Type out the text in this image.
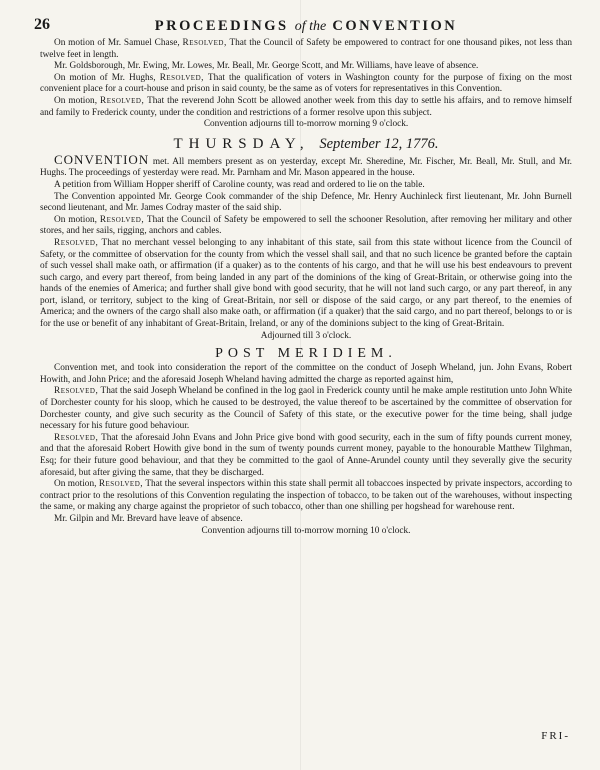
26	PROCEEDINGS of the CONVENTION

On motion of Mr. Samuel Chase, Resolved, That the Council of Safety be empowered to contract for one thousand pikes, not less than twelve feet in length.

Mr. Goldsborough, Mr. Ewing, Mr. Lowes, Mr. Beall, Mr. George Scott, and Mr. Williams, have leave of absence.

On motion of Mr. Hughs, Resolved, That the qualification of voters in Washington county for the purpose of fixing on the most convenient place for a court-house and prison in said county, be the same as of voters for representatives in this Convention.

On motion, Resolved, That the reverend John Scott be allowed another week from this day to settle his affairs, and to remove himself and family to Frederick county, under the condition and restrictions of a former resolve upon this subject.

Convention adjourns till to-morrow morning 9 o'clock.

THURSDAY, September 12, 1776.

CONVENTION met. All members present as on yesterday, except Mr. Sheredine, Mr. Fischer, Mr. Beall, Mr. Stull, and Mr. Hughs. The proceedings of yesterday were read. Mr. Parnham and Mr. Mason appeared in the house.

A petition from William Hopper sheriff of Caroline county, was read and ordered to lie on the table.

The Convention appointed Mr. George Cook commander of the ship Defence, Mr. Henry Auchinleck first lieutenant, Mr. John Burnell second lieutenant, and Mr. James Codray master of the said ship.

On motion, Resolved, That the Council of Safety be empowered to sell the schooner Resolution, after removing her military and other stores, and her sails, rigging, anchors and cables.

Resolved, That no merchant vessel belonging to any inhabitant of this state, sail from this state without licence from the Council of Safety, or the committee of observation for the county from which the vessel shall sail, and that no such licence be granted before the captain of such vessel shall make oath, or affirmation (if a quaker) as to the contents of his cargo, and that he will use his best endeavours to prevent such cargo, and every part thereof, from being landed in any part of the dominions of the king of Great-Britain, or otherwise going into the hands of the enemies of America; and further shall give bond with good security, that he will not land such cargo, or any part thereof, in any port, island, or territory, subject to the king of Great-Britain, nor sell or dispose of the said cargo, or any part thereof, to the enemies of America; and the owners of the cargo shall also make oath, or affirmation (if a quaker) that the said cargo, and no part thereof, belongs to or is for the use or benefit of any inhabitant of Great-Britain, Ireland, or any of the dominions subject to the king of Great-Britain.

Adjourned till 3 o'clock.

POST MERIDIEM.

Convention met, and took into consideration the report of the committee on the conduct of Joseph Wheland, jun. John Evans, Robert Howith, and John Price; and the aforesaid Joseph Wheland having admitted the charge as reported against him,

Resolved, That the said Joseph Wheland be confined in the log gaol in Frederick county until he make ample restitution unto John White of Dorchester county for his sloop, which he caused to be destroyed, the value thereof to be ascertained by the committee of observation for Dorchester county, and give such security as the Council of Safety of this state, or the executive power for the time being, shall judge necessary for his future good behaviour.

Resolved, That the aforesaid John Evans and John Price give bond with good security, each in the sum of fifty pounds current money, and that the aforesaid Robert Howith give bond in the sum of twenty pounds current money, payable to the honourable Matthew Tilghman, Esq; for their future good behaviour, and that they be committed to the gaol of Anne-Arundel county until they severally give the security aforesaid, but after giving the same, that they be discharged.

On motion, Resolved, That the several inspectors within this state shall permit all tobaccoes inspected by private inspectors, according to contract prior to the resolutions of this Convention regulating the inspection of tobacco, to be taken out of the warehouses, without inspecting the same, or making any charge against the proprietor of such tobacco, other than one shilling per hogshead for warehouse rent.

Mr. Gilpin and Mr. Brevard have leave of absence.

Convention adjourns till to-morrow morning 10 o'clock.

FRI-
